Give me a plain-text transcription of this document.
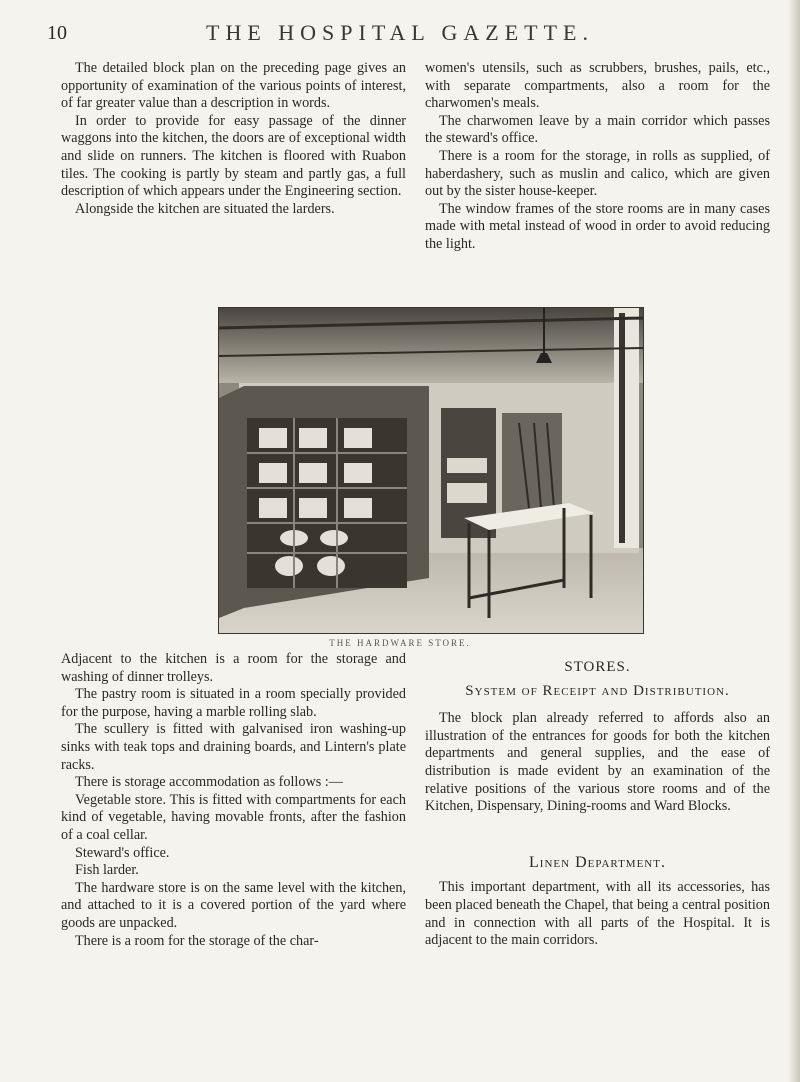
10	THE HOSPITAL GAZETTE.

The detailed block plan on the preceding page gives an opportunity of examination of the various points of interest, of far greater value than a description in words.

In order to provide for easy passage of the dinner waggons into the kitchen, the doors are of exceptional width and slide on runners. The kitchen is floored with Ruabon tiles. The cooking is partly by steam and partly gas, a full description of which appears under the Engineering section.

Alongside the kitchen are situated the larders.

women's utensils, such as scrubbers, brushes, pails, etc., with separate compartments, also a room for the charwomen's meals.

The charwomen leave by a main corridor which passes the steward's office.

There is a room for the storage, in rolls as supplied, of haberdashery, such as muslin and calico, which are given out by the sister house-keeper.

The window frames of the store rooms are in many cases made with metal instead of wood in order to avoid reducing the light.

THE HARDWARE STORE.

Adjacent to the kitchen is a room for the storage and washing of dinner trolleys.

The pastry room is situated in a room specially provided for the purpose, having a marble rolling slab.

The scullery is fitted with galvanised iron washing-up sinks with teak tops and draining boards, and Lintern's plate racks.

There is storage accommodation as follows :—

Vegetable store. This is fitted with compartments for each kind of vegetable, having movable fronts, after the fashion of a coal cellar.

Steward's office.

Fish larder.

The hardware store is on the same level with the kitchen, and attached to it is a covered portion of the yard where goods are unpacked.

There is a room for the storage of the char-

STORES.

System of Receipt and Distribution.

The block plan already referred to affords also an illustration of the entrances for goods for both the kitchen departments and general supplies, and the ease of distribution is made evident by an examination of the relative positions of the various store rooms and of the Kitchen, Dispensary, Dining-rooms and Ward Blocks.

Linen Department.

This important department, with all its accessories, has been placed beneath the Chapel, that being a central position and in connection with all parts of the Hospital. It is adjacent to the main corridors.
